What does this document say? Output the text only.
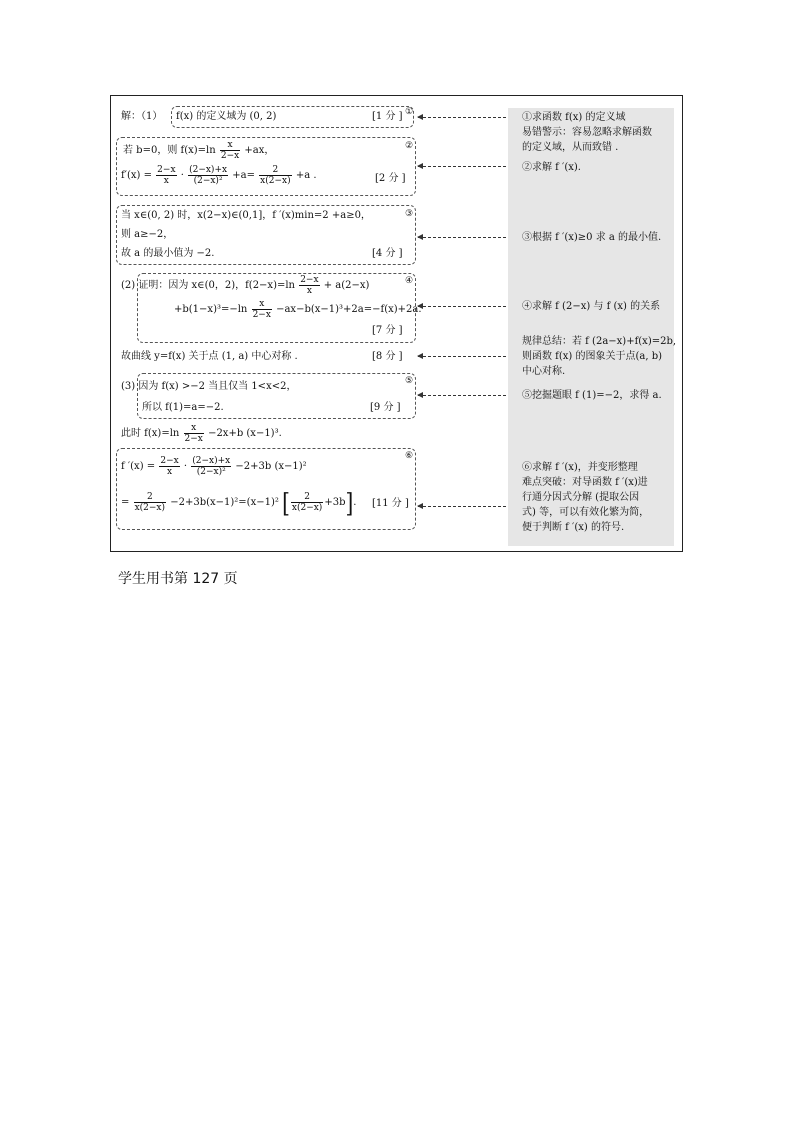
解：（1） f(x) 的定义域为 (0, 2)	[1 分 ] ①
②
若 b=0，则 $f(x)=\ln \frac{x}{2-x} +ax$，
$f'(x) = \frac{2-x}{x} \cdot \frac{(2-x)+x}{\text{(2−x)²}} +a= \frac{2}{x(2-x)} +a$ .	[2 分 ]
③
当 x∈(0, 2) 时，x(2−x)∈(0,1]，f ′(x)min=2 +a≥0，
则 a≥−2，
故 a 的最小值为 −2.	[4 分 ]
④
(2) 证明：因为 x∈(0，2)，$f(2-x)=\ln \frac{2-x}{x} + a(2-x)$
$+b(1-x)^3=-\ln \frac{x}{2-x} -ax-b(x-1)^3+2a=-f(x)+2a$.
[7 分 ]
故曲线 y=f(x) 关于点 (1, a) 中心对称 .	[8 分 ]
⑤
(3) 因为 f(x) >−2 当且仅当 1<x<2，
所以 f(1)=a=−2.	[9 分 ]
此时 $f(x)=\ln \frac{x}{2-x} -2x+b$ (x−1)³.
⑥
f $'(x) = \frac{2-x}{x} \cdot \frac{(2-x)+x}{\text{(2−x)²}} -2+3b$ (x−1)²
= $\frac{2}{x(2-x)} -2+3b(x-1)^2=(x-1)^2$ [ $\frac{2}{x(2-x)} +3b$]. [11 分 ]
①求函数 f(x) 的定义域
易错警示：容易忽略求解函数
的定义域，从而致错 .
②求解 f ′(x).
③根据 f ′(x)≥0 求 a 的最小值.
④求解 f (2−x) 与 f (x) 的关系
规律总结：若 f (2a−x)+f(x)=2b,
则函数 f(x) 的图象关于点(a, b)
中心对称.
⑤挖掘题眼 f (1)=−2，求得 a.
⑥求解 f ′(x)，并变形整理
难点突破：对导函数 f ′(x)进
行通分因式分解 (提取公因
式) 等，可以有效化繁为简，
便于判断 f ′(x) 的符号.
学生用书第 127 页
